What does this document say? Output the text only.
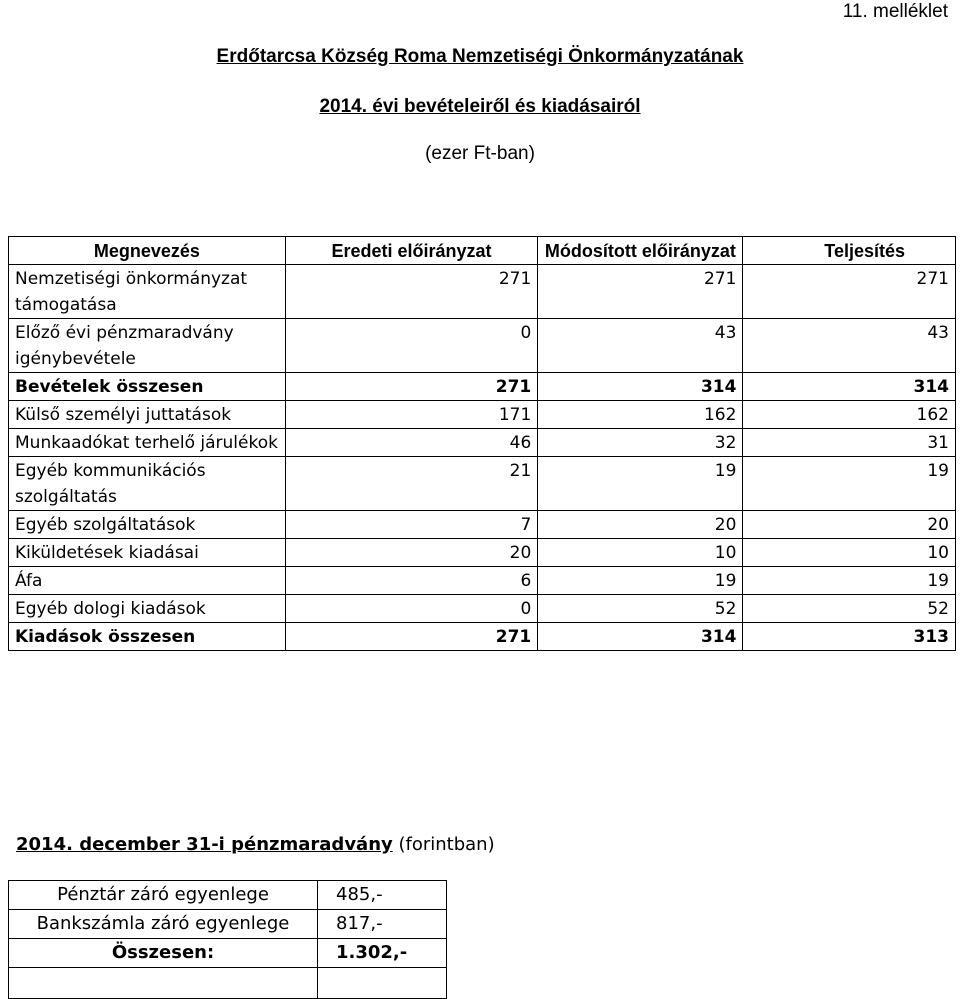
11. melléklet
Erdőtarcsa Község Roma Nemzetiségi Önkormányzatának
2014. évi bevételeiről és kiadásairól
(ezer Ft-ban)
Megnevezés	Eredeti előirányzat	Módosított előirányzat	Teljesítés
Nemzetiségi önkormányzat támogatása	271	271	271
Előző évi pénzmaradvány igénybevétele	0	43	43
Bevételek összesen	271	314	314
Külső személyi juttatások	171	162	162
Munkaadókat terhelő járulékok	46	32	31
Egyéb kommunikációs szolgáltatás	21	19	19
Egyéb szolgáltatások	7	20	20
Kiküldetések kiadásai	20	10	10
Áfa	6	19	19
Egyéb dologi kiadások	0	52	52
Kiadások összesen	271	314	313
2014. december 31-i pénzmaradvány (forintban)
Pénztár záró egyenlege	485,-
Bankszámla záró egyenlege	817,-
Összesen:	1.302,-
